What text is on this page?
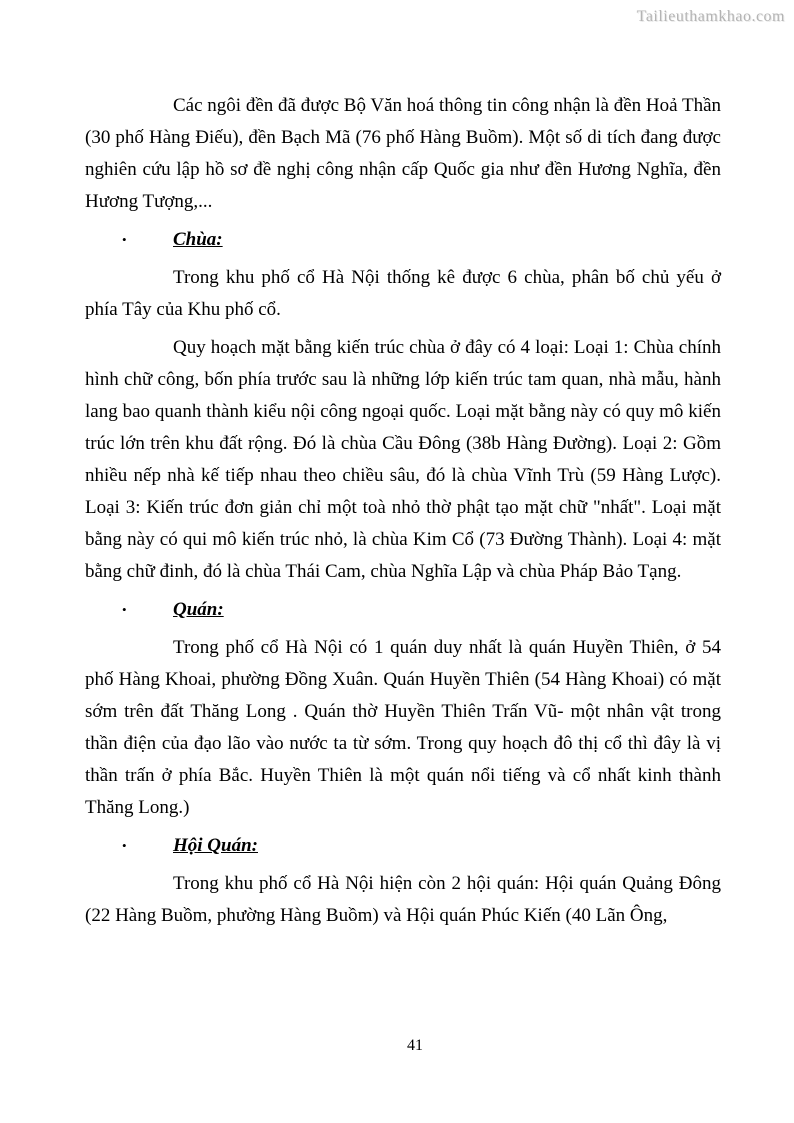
Tailieuthamkhao.com

Các ngôi đền đã được Bộ Văn hoá thông tin công nhận là đền Hoả Thần (30 phố Hàng Điếu), đền Bạch Mã (76 phố Hàng Buồm). Một số di tích đang được nghiên cứu lập hồ sơ đề nghị công nhận cấp Quốc gia như đền Hương Nghĩa, đền Hương Tượng,...

• Chùa:

Trong khu phố cổ Hà Nội thống kê được 6 chùa, phân bố chủ yếu ở phía Tây của Khu phố cổ.

Quy hoạch mặt bằng kiến trúc chùa ở đây có 4 loại: Loại 1: Chùa chính hình chữ công, bốn phía trước sau là những lớp kiến trúc tam quan, nhà mẫu, hành lang bao quanh thành kiểu nội công ngoại quốc. Loại mặt bằng này có quy mô kiến trúc lớn trên khu đất rộng. Đó là chùa Cầu Đông (38b Hàng Đường). Loại 2: Gồm nhiều nếp nhà kế tiếp nhau theo chiều sâu, đó là chùa Vĩnh Trù (59 Hàng Lược). Loại 3: Kiến trúc đơn giản chỉ một toà nhỏ thờ phật tạo mặt chữ "nhất". Loại mặt bằng này có qui mô kiến trúc nhỏ, là chùa Kim Cổ (73 Đường Thành). Loại 4: mặt bằng chữ đinh, đó là chùa Thái Cam, chùa Nghĩa Lập và chùa Pháp Bảo Tạng.

• Quán:

Trong phố cổ Hà Nội có 1 quán duy nhất là quán Huyền Thiên, ở 54 phố Hàng Khoai, phường Đồng Xuân. Quán Huyền Thiên (54 Hàng Khoai) có mặt sớm trên đất Thăng Long . Quán thờ Huyền Thiên Trấn Vũ- một nhân vật trong thần điện của đạo lão vào nước ta từ sớm. Trong quy hoạch đô thị cổ thì đây là vị thần trấn ở phía Bắc. Huyền Thiên là một quán nổi tiếng và cổ nhất kinh thành Thăng Long.)

• Hội Quán:

Trong khu phố cổ Hà Nội hiện còn 2 hội quán: Hội quán Quảng Đông (22 Hàng Buồm, phường Hàng Buồm) và Hội quán Phúc Kiến (40 Lãn Ông,

41
